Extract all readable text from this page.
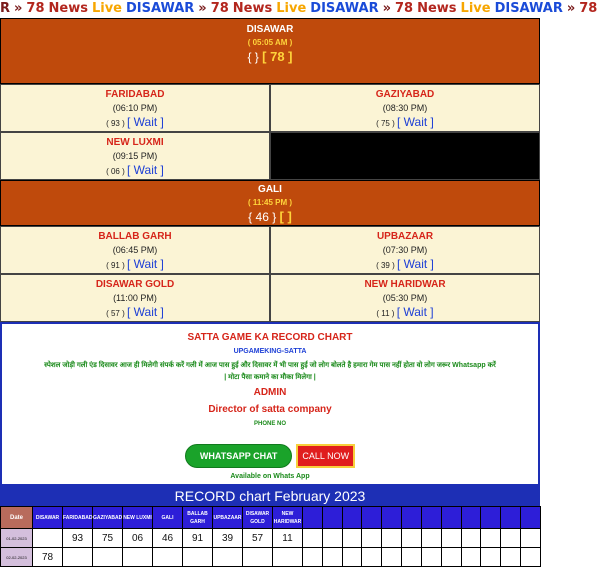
R » 78 News Live DISAWAR » 78 News Live DISAWAR » 78 News Live DISAWAR » 78
DISAWAR
( 05:05 AM )
{ } [ 78 ]
FARIDABAD
(06:10 PM)
( 93 ) [ Wait ]
GAZIYABAD
(08:30 PM)
( 75 ) [ Wait ]
NEW LUXMI
(09:15 PM)
( 06 ) [ Wait ]
GALI
( 11:45 PM )
{ 46 } [ ]
BALLAB GARH
(06:45 PM)
( 91 ) [ Wait ]
UPBAZAAR
(07:30 PM)
( 39 ) [ Wait ]
DISAWAR GOLD
(11:00 PM)
( 57 ) [ Wait ]
NEW HARIDWAR
(05:30 PM)
( 11 ) [ Wait ]
SATTA GAME KA RECORD CHART
UPGAMEKING-SATTA
स्पेशल जोड़ी गली एंड दिसावर आज ही मिलेगी संपर्क करें गली में आज पास हुई और दिसावर में भी पास हुई जो लोग बोलते है हमारा गेम पास नहीं होता वो लोग जरूर Whatsapp करें
| मोटा पैसा कमाने का मौका मिलेगा |
ADMIN
Director of satta company
PHONE NO
WHATSAPP CHAT	CALL NOW
Available on Whats App
RECORD chart February 2023
Date	DISAWAR	FARIDABAD	GAZIYABAD	NEW LUXMI	GALI	BALLAB GARH	UPBAZAAR	DISAWAR GOLD	NEW HARIDWAR												
01-02-2023		93	75	06	46	91	39	57	11												
02-02-2023	78																				
